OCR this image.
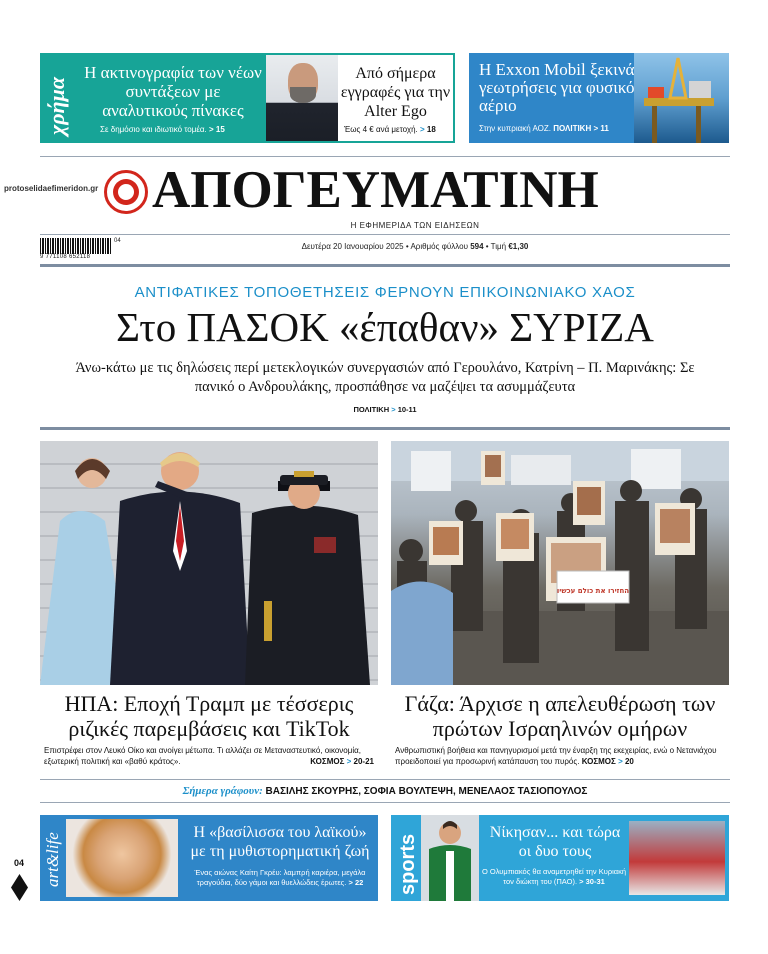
χρήμα
Η ακτινογραφία των νέων συντάξεων με αναλυτικούς πίνακες
Σε δημόσιο και ιδιωτικό τομέα. > 15
Από σήμερα εγγραφές για την Alter Ego
Έως 4 € ανά μετοχή. > 18
Η Exxon Mobil ξεκινά γεωτρήσεις για φυσικό αέριο
Στην κυπριακή ΑΟΖ. ΠΟΛΙΤΙΚΗ > 11
protoselidaefimeridon.gr ΑΠΟΓΕΥΜΑΤΙΝΗ
Η ΕΦΗΜΕΡΙΔΑ ΤΩΝ ΕΙΔΗΣΕΩΝ
9 771108 652118
04
Δευτέρα 20 Ιανουαρίου 2025 • Αριθμός φύλλου 594 • Τιμή €1,30
ΑΝΤΙΦΑΤΙΚΕΣ ΤΟΠΟΘΕΤΗΣΕΙΣ ΦΕΡΝΟΥΝ ΕΠΙΚΟΙΝΩΝΙΑΚΟ ΧΑΟΣ
Στο ΠΑΣΟΚ «έπαθαν» ΣΥΡΙΖΑ
Άνω-κάτω με τις δηλώσεις περί μετεκλογικών συνεργασιών από Γερουλάνο, Κατρίνη – Π. Μαρινάκης: Σε πανικό ο Ανδρουλάκης, προσπάθησε να μαζέψει τα ασυμμάζευτα
ΠΟΛΙΤΙΚΗ > 10-11
החזירו את כולם עכשיו
ΗΠΑ: Εποχή Τραμπ με τέσσερις ριζικές παρεμβάσεις και TikTok
Επιστρέφει στον Λευκό Οίκο και ανοίγει μέτωπα. Τι αλλάζει σε Μεταναστευτικό, οικονομία, εξωτερική πολιτική και «βαθύ κράτος».	ΚΟΣΜΟΣ > 20-21
Γάζα: Άρχισε η απελευθέρωση των πρώτων Ισραηλινών ομήρων
Ανθρωπιστική βοήθεια και πανηγυρισμοί μετά την έναρξη της εκεχειρίας, ενώ ο Νετανιάχου προειδοποιεί για προσωρινή κατάπαυση του πυρός. ΚΟΣΜΟΣ > 20
Σήμερα γράφουν: ΒΑΣΙΛΗΣ ΣΚΟΥΡΗΣ, ΣΟΦΙΑ ΒΟΥΛΤΕΨΗ, ΜΕΝΕΛΑΟΣ ΤΑΣΙΟΠΟΥΛΟΣ
art&life	Η «βασίλισσα του λαϊκού» με τη μυθιστορηματική ζωή
Ένας αιώνας Καίτη Γκρέυ: λαμπρή καριέρα, μεγάλα τραγούδια, δύο γάμοι και θυελλώδεις έρωτες. > 22	sports
Νίκησαν... και τώρα οι δυο τους
Ο Ολυμπιακός θα αναμετρηθεί την Κυριακή τον διώκτη του (ΠΑΟ). > 30-31
04
